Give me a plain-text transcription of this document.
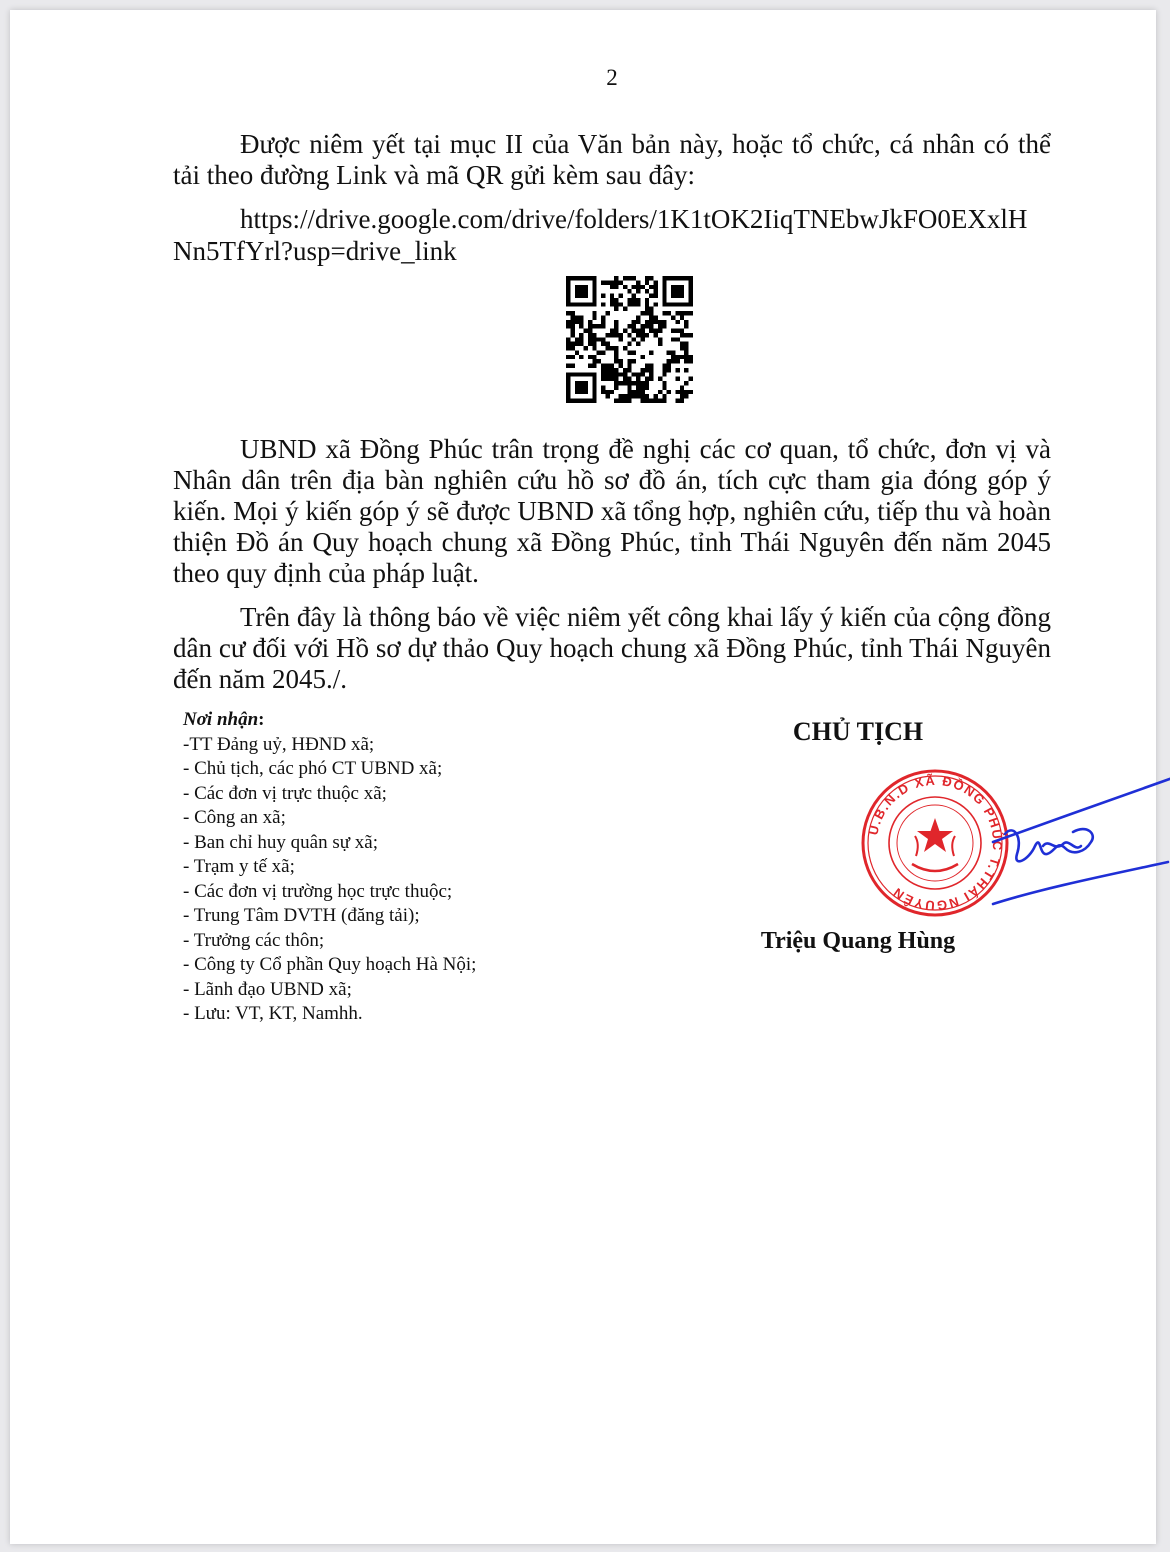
2

Được niêm yết tại mục II của Văn bản này, hoặc tổ chức, cá nhân có thể tải theo đường Link và mã QR gửi kèm sau đây:

https://drive.google.com/drive/folders/1K1tOK2IiqTNEbwJkFO0EXxlH

Nn5TfYrl?usp=drive_link

UBND xã Đồng Phúc trân trọng đề nghị các cơ quan, tổ chức, đơn vị và Nhân dân trên địa bàn nghiên cứu hồ sơ đồ án, tích cực tham gia đóng góp ý kiến. Mọi ý kiến góp ý sẽ được UBND xã tổng hợp, nghiên cứu, tiếp thu và hoàn thiện Đồ án Quy hoạch chung xã Đồng Phúc, tỉnh Thái Nguyên đến năm 2045 theo quy định của pháp luật.

Trên đây là thông báo về việc niêm yết công khai lấy ý kiến của cộng đồng dân cư đối với Hồ sơ dự thảo Quy hoạch chung xã Đồng Phúc, tỉnh Thái Nguyên đến năm 2045./.

Nơi nhận:
-TT Đảng uỷ, HĐND xã;
- Chủ tịch, các phó CT UBND xã;
- Các đơn vị trực thuộc xã;
- Công an xã;
- Ban chỉ huy quân sự xã;
- Trạm y tế xã;
- Các đơn vị trường học trực thuộc;
- Trung Tâm DVTH (đăng tải);
- Trưởng các thôn;
- Công ty Cổ phần Quy hoạch Hà Nội;
- Lãnh đạo UBND xã;
- Lưu: VT, KT, Namhh.
CHỦ TỊCH
U.B.N.D XÃ ĐỒNG PHÚC T.THÁI NGUYÊN
Triệu Quang Hùng
